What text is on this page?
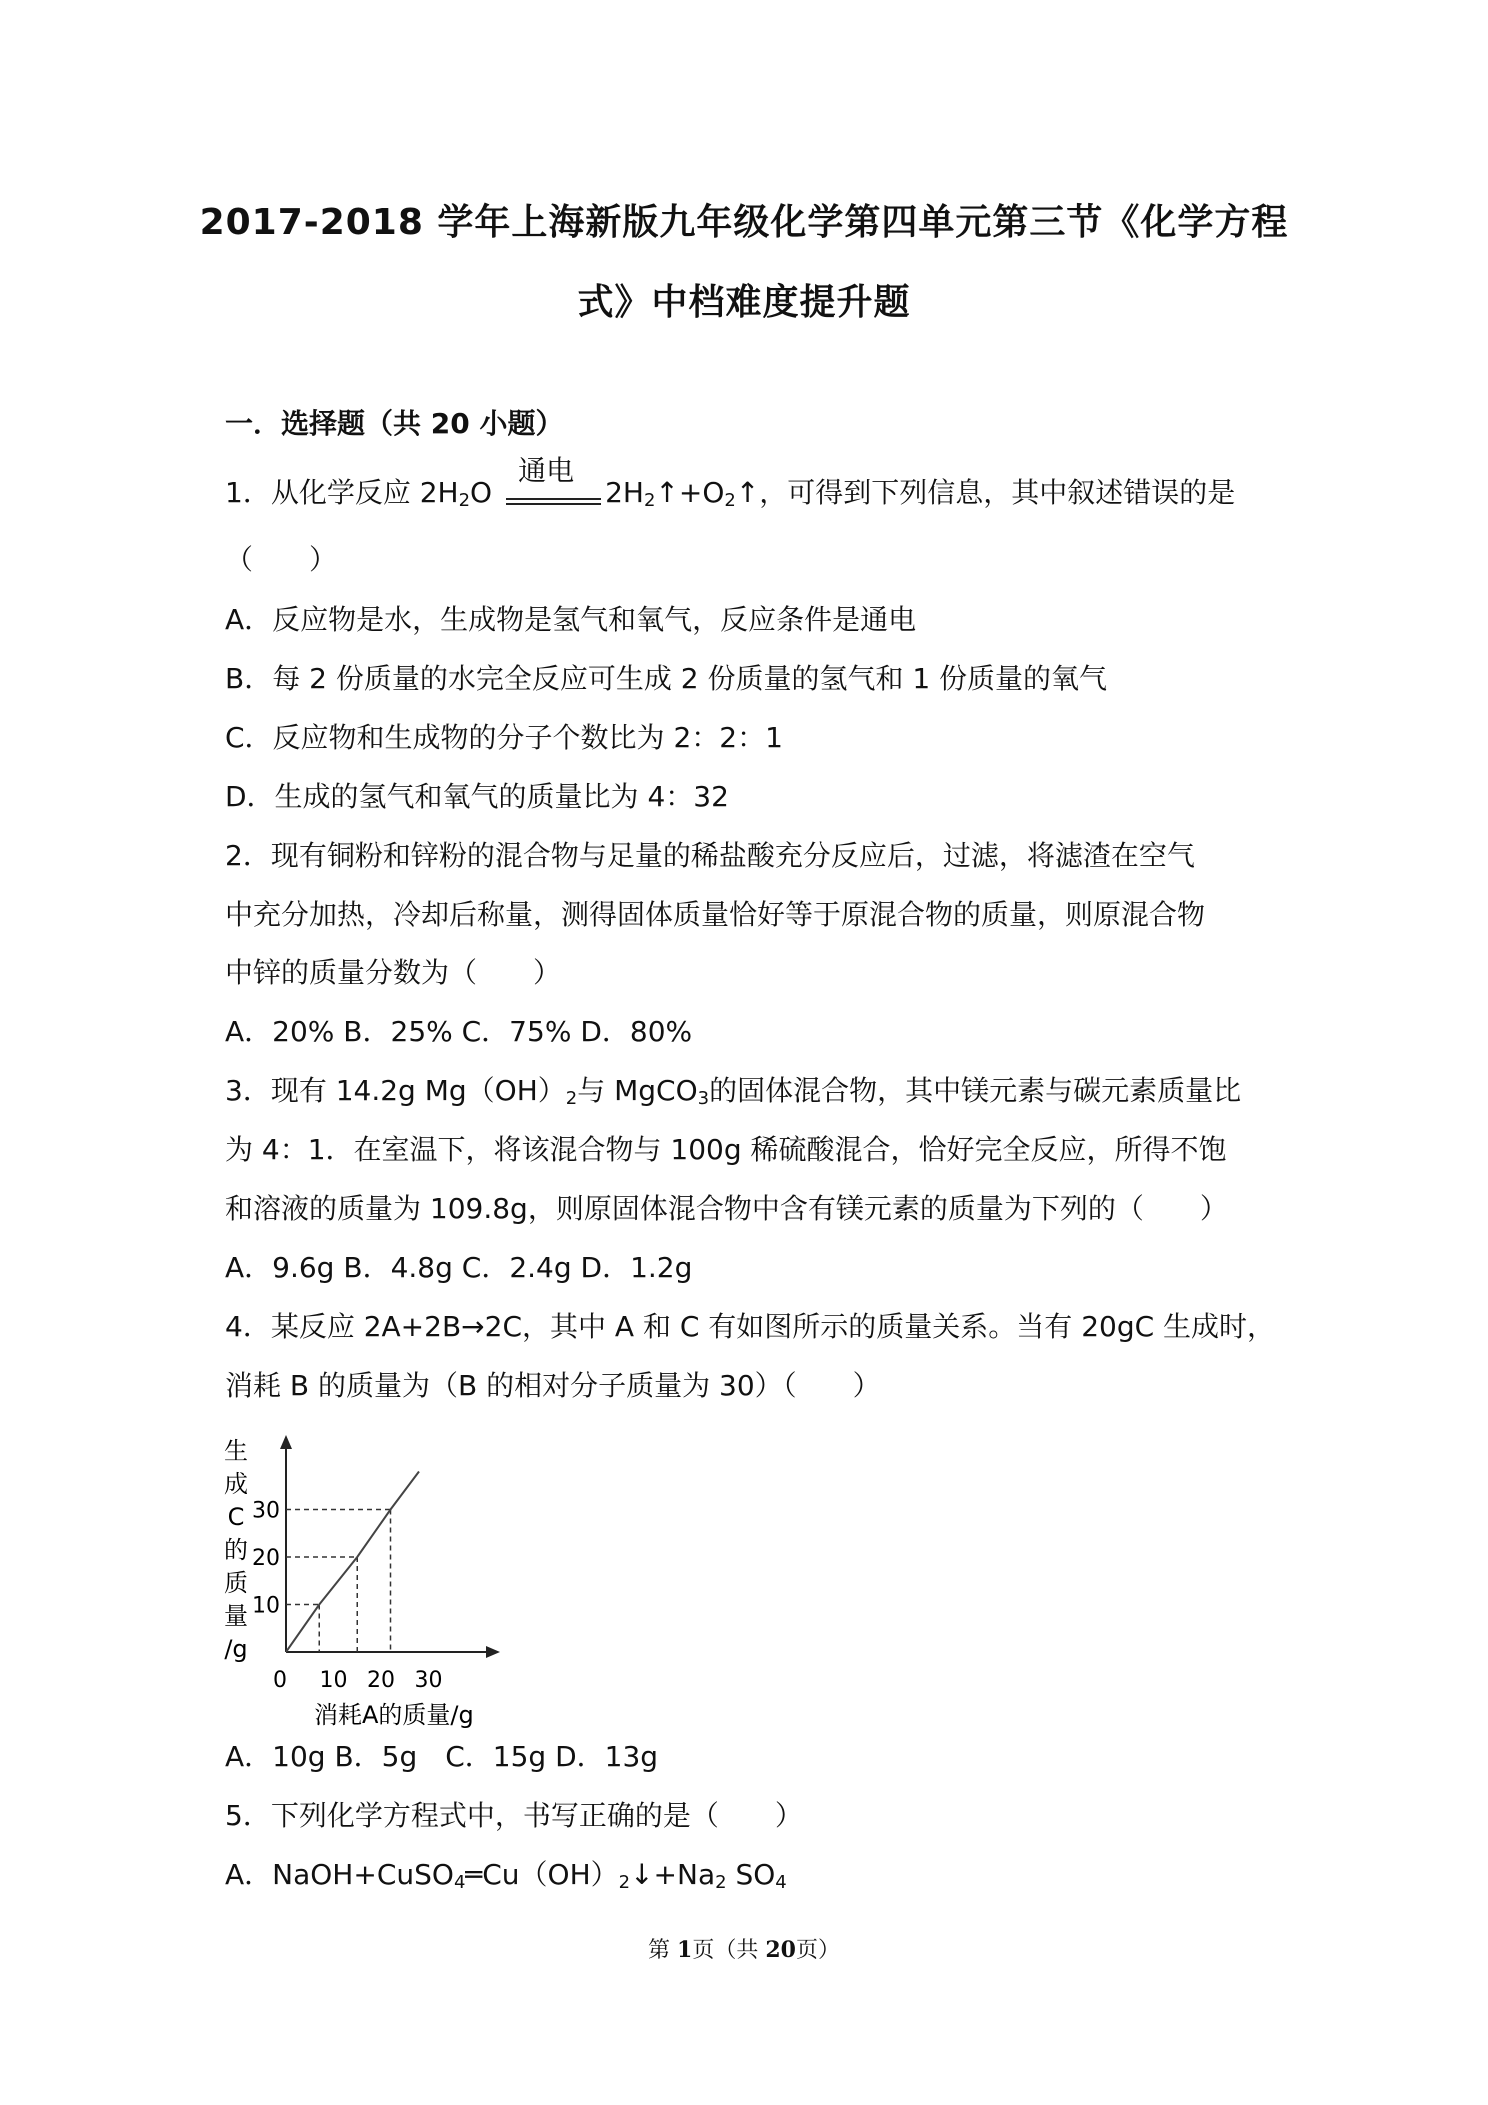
2017-2018 学年上海新版九年级化学第四单元第三节《化学方程
式》中档难度提升题
一．选择题（共 20 小题）
1．从化学反应 $2H_2O$
通电
$2H_2↑+O_2↑$，可得到下列信息，其中叙述错误的是
（　　）
A．反应物是水，生成物是氢气和氧气，反应条件是通电
B．每 2 份质量的水完全反应可生成 2 份质量的氢气和 1 份质量的氧气
C．反应物和生成物的分子个数比为 2：2：1
D．生成的氢气和氧气的质量比为 4：32
2．现有铜粉和锌粉的混合物与足量的稀盐酸充分反应后，过滤，将滤渣在空气
中充分加热，冷却后称量，测得固体质量恰好等于原混合物的质量，则原混合物
中锌的质量分数为（　　）
A．20% B．25% C．75% D．80%
3．现有 14.2g $Mg(OH)_2$与 MgCO$_3$的固体混合物，其中镁元素与碳元素质量比
为 4：1．在室温下，将该混合物与 100g 稀硫酸混合，恰好完全反应，所得不饱
和溶液的质量为 109.8g，则原固体混合物中含有镁元素的质量为下列的（　　）
A．9.6g B．4.8g C．2.4g D．1.2g
4．某反应 2A+2B→2C，其中 A 和 C 有如图所示的质量关系。当有 20gC 生成时，
消耗 B 的质量为（B 的相对分子质量为 30）（　　）
生
成
C
的
质
量
/g
0 10 20 30
10
20
30
消耗A的质量/g
A．10g B．5g　C．15g D．13g
5．下列化学方程式中，书写正确的是（　　）
A．$NaOH+CuSO_4═Cu(OH)_2↓+Na_2$ $SO_4$
第 1页（共 20页）
